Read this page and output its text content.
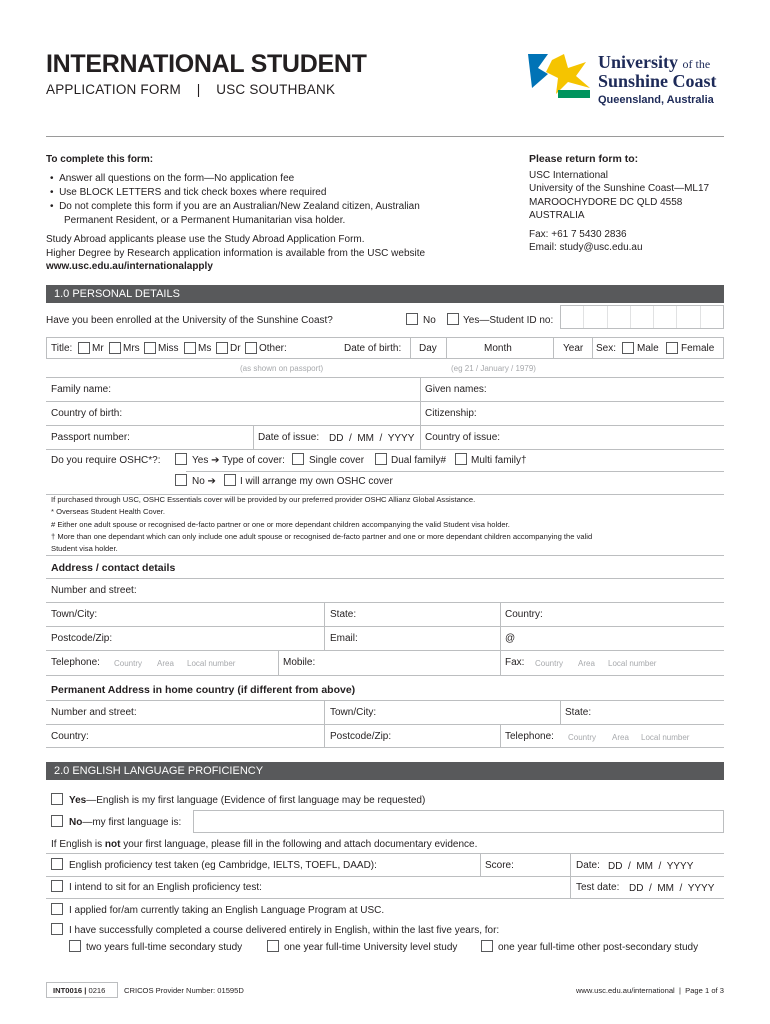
INTERNATIONAL STUDENT
APPLICATION FORM    |    USC SOUTHBANK
University of the
Sunshine Coast
Queensland, Australia
To complete this form:
•  Answer all questions on the form—No application fee
•  Use BLOCK LETTERS and tick check boxes where required
•  Do not complete this form if you are an Australian/New Zealand citizen, Australian
Permanent Resident, or a Permanent Humanitarian visa holder.
Study Abroad applicants please use the Study Abroad Application Form.
Higher Degree by Research application information is available from the USC website
www.usc.edu.au/internationalapply
Please return form to:
USC International
University of the Sunshine Coast—ML17
MAROOCHYDORE DC QLD 4558
AUSTRALIA
Fax: +61 7 5430 2836
Email: study@usc.edu.au
1.0 PERSONAL DETAILS
Have you been enrolled at the University of the Sunshine Coast?	No	Yes—Student ID no:
Title: Mr Mrs Miss Ms Dr Other:	Date of birth: Day	Month	Year Sex: Male Female
(as shown on passport)	(eg 21 / January / 1979)
Family name:	Given names:
Country of birth:	Citizenship:
Passport number:	Date of issue: DD  /  MM  /  YYYY Country of issue:
Do you require OSHC*?:	Yes ➔ Type of cover: Single cover	Dual family# Multi family†
No ➔ I will arrange my own OSHC cover
If purchased through USC, OSHC Essentials cover will be provided by our preferred provider OSHC Allianz Global Assistance.
* Overseas Student Health Cover.
# Either one adult spouse or recognised de-facto partner or one or more dependant children accompanying the valid Student visa holder.
† More than one dependant which can only include one adult spouse or recognised de-facto partner and one or more dependant children accompanying the valid
Student visa holder.
Address / contact details
Number and street:
Town/City:	State:	Country:
Postcode/Zip:	Email:	@
Telephone: Country Area Local number	Mobile:	Fax: Country Area Local number
Permanent Address in home country (if different from above)
Number and street:	Town/City:	State:
Country:	Postcode/Zip:	Telephone: Country Area Local number
2.0 ENGLISH LANGUAGE PROFICIENCY
Yes—English is my first language (Evidence of first language may be requested)
No—my first language is:
If English is not your first language, please fill in the following and attach documentary evidence.
English proficiency test taken (eg Cambridge, IELTS, TOEFL, DAAD):	Score:	Date: DD  /  MM  /  YYYY
I intend to sit for an English proficiency test:	Test date: DD  /  MM  /  YYYY
I applied for/am currently taking an English Language Program at USC.
I have successfully completed a course delivered entirely in English, within the last five years, for:
two years full-time secondary study	one year full-time University level study	one year full-time other post-secondary study
INT0016 | 0216 CRICOS Provider Number: 01595D	www.usc.edu.au/international  |  Page 1 of 3
